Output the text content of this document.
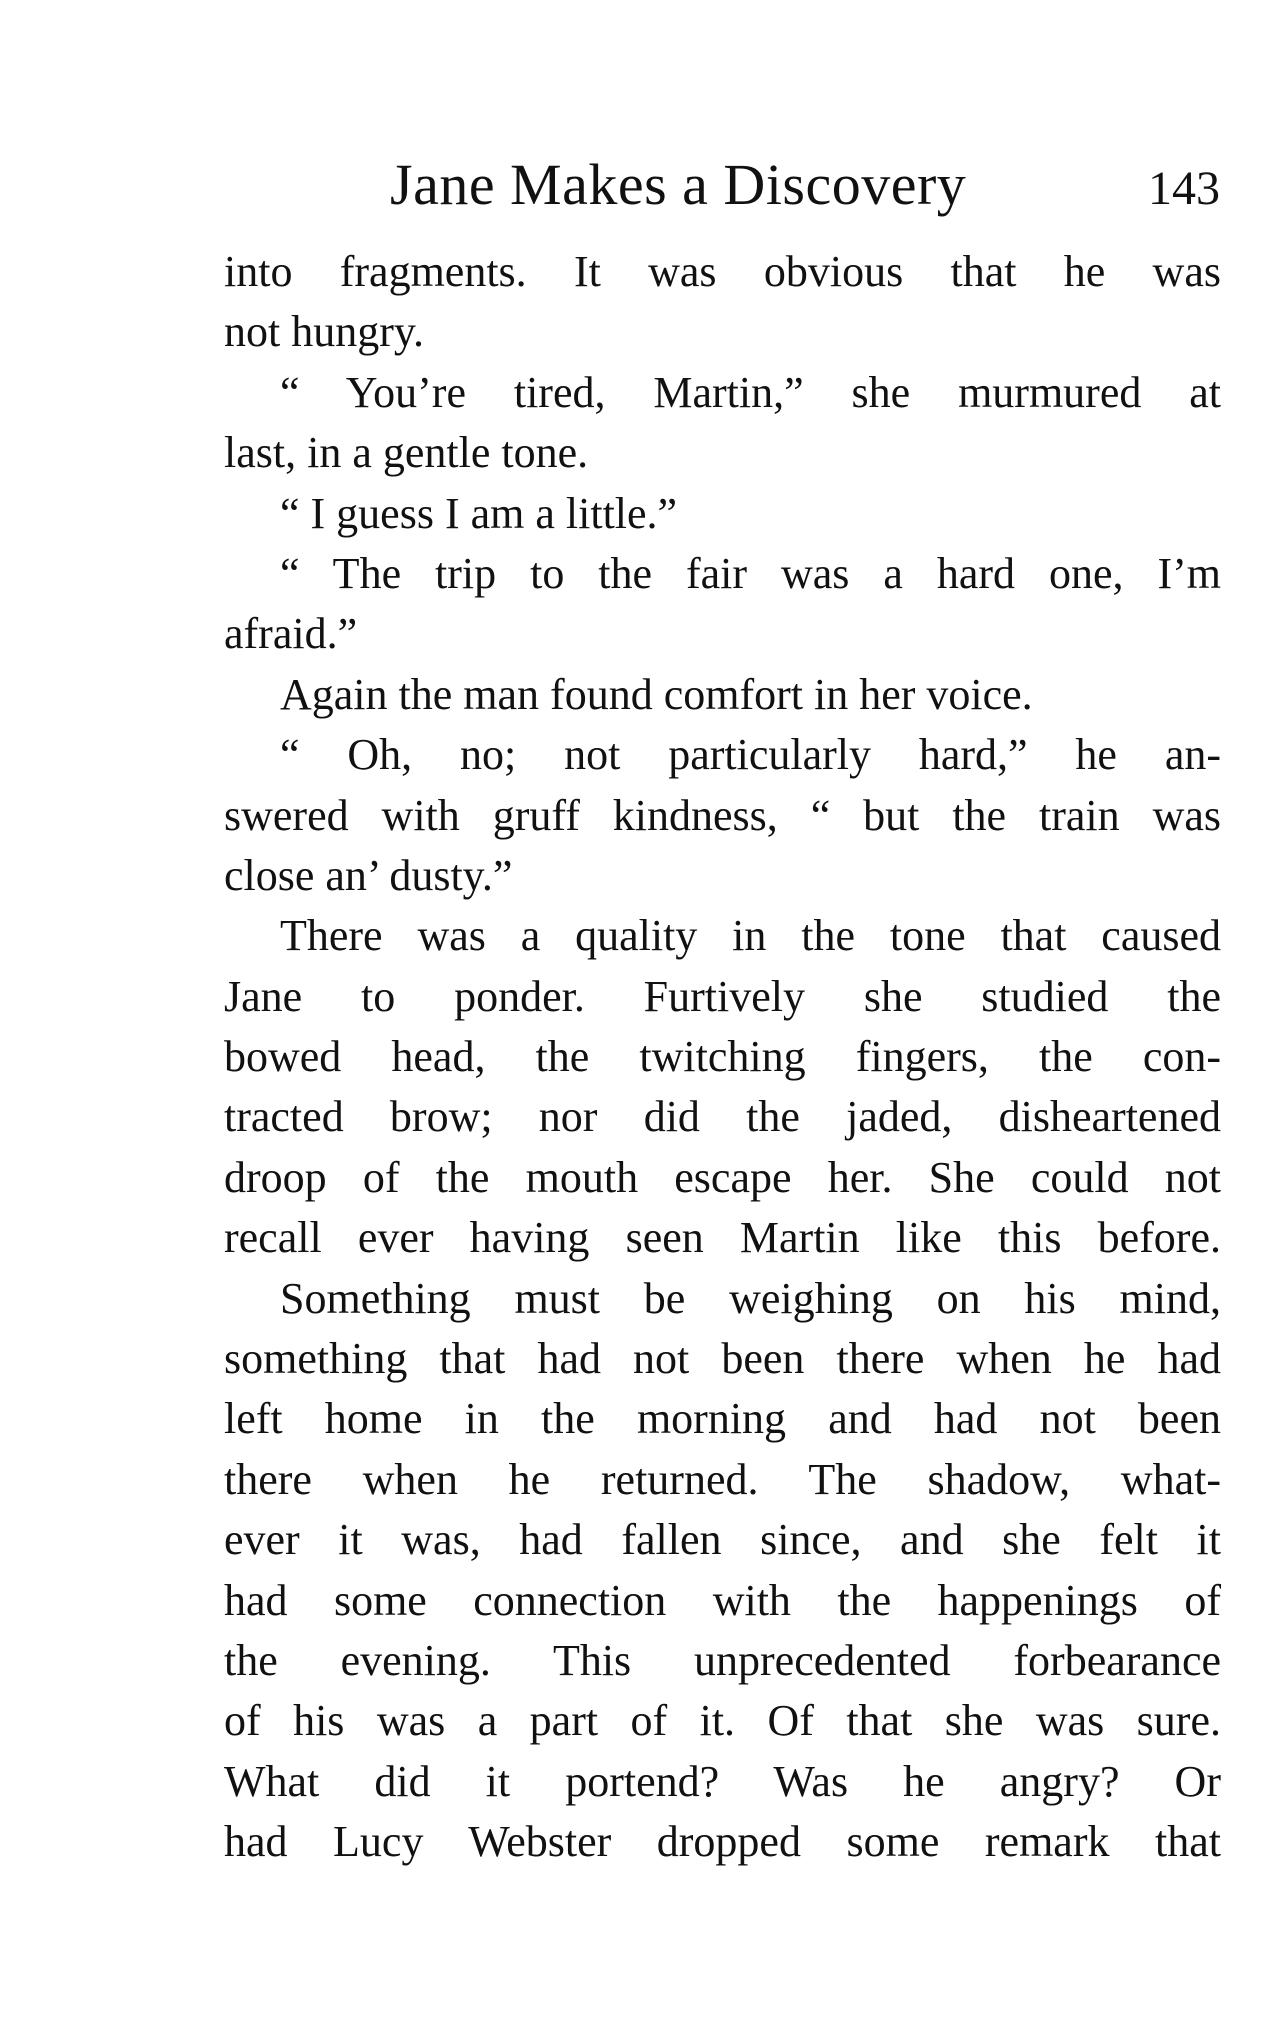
Jane Makes a Discovery	143
into fragments. It was obvious that he was
not hungry.
“ You’re tired, Martin,” she murmured at
last, in a gentle tone.
“ I guess I am a little.”
“ The trip to the fair was a hard one, I’m
afraid.”
Again the man found comfort in her voice.
“ Oh, no; not particularly hard,” he an-
swered with gruff kindness, “ but the train was
close an’ dusty.”
There was a quality in the tone that caused
Jane to ponder. Furtively she studied the
bowed head, the twitching fingers, the con-
tracted brow; nor did the jaded, disheartened
droop of the mouth escape her. She could not
recall ever having seen Martin like this before.
Something must be weighing on his mind,
something that had not been there when he had
left home in the morning and had not been
there when he returned. The shadow, what-
ever it was, had fallen since, and she felt it
had some connection with the happenings of
the evening. This unprecedented forbearance
of his was a part of it. Of that she was sure.
What did it portend? Was he angry? Or
had Lucy Webster dropped some remark that
